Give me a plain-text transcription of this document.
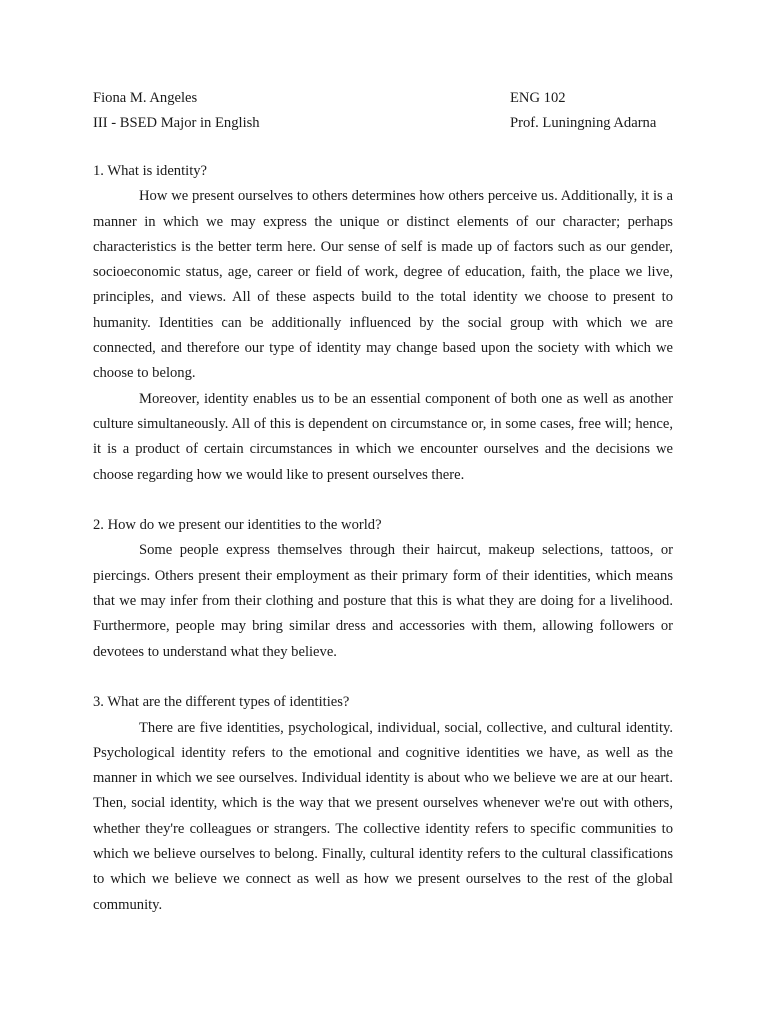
Fiona M. Angeles	ENG 102
III - BSED Major in English	Prof. Luningning Adarna

1. What is identity?

How we present ourselves to others determines how others perceive us. Additionally, it is a manner in which we may express the unique or distinct elements of our character; perhaps characteristics is the better term here. Our sense of self is made up of factors such as our gender, socioeconomic status, age, career or field of work, degree of education, faith, the place we live, principles, and views. All of these aspects build to the total identity we choose to present to humanity. Identities can be additionally influenced by the social group with which we are connected, and therefore our type of identity may change based upon the society with which we choose to belong.

Moreover, identity enables us to be an essential component of both one as well as another culture simultaneously. All of this is dependent on circumstance or, in some cases, free will; hence, it is a product of certain circumstances in which we encounter ourselves and the decisions we choose regarding how we would like to present ourselves there.

2. How do we present our identities to the world?

Some people express themselves through their haircut, makeup selections, tattoos, or piercings. Others present their employment as their primary form of their identities, which means that we may infer from their clothing and posture that this is what they are doing for a livelihood. Furthermore, people may bring similar dress and accessories with them, allowing followers or devotees to understand what they believe.

3. What are the different types of identities?

There are five identities, psychological, individual, social, collective, and cultural identity. Psychological identity refers to the emotional and cognitive identities we have, as well as the manner in which we see ourselves. Individual identity is about who we believe we are at our heart. Then, social identity, which is the way that we present ourselves whenever we're out with others, whether they're colleagues or strangers. The collective identity refers to specific communities to which we believe ourselves to belong. Finally, cultural identity refers to the cultural classifications to which we believe we connect as well as how we present ourselves to the rest of the global community.
